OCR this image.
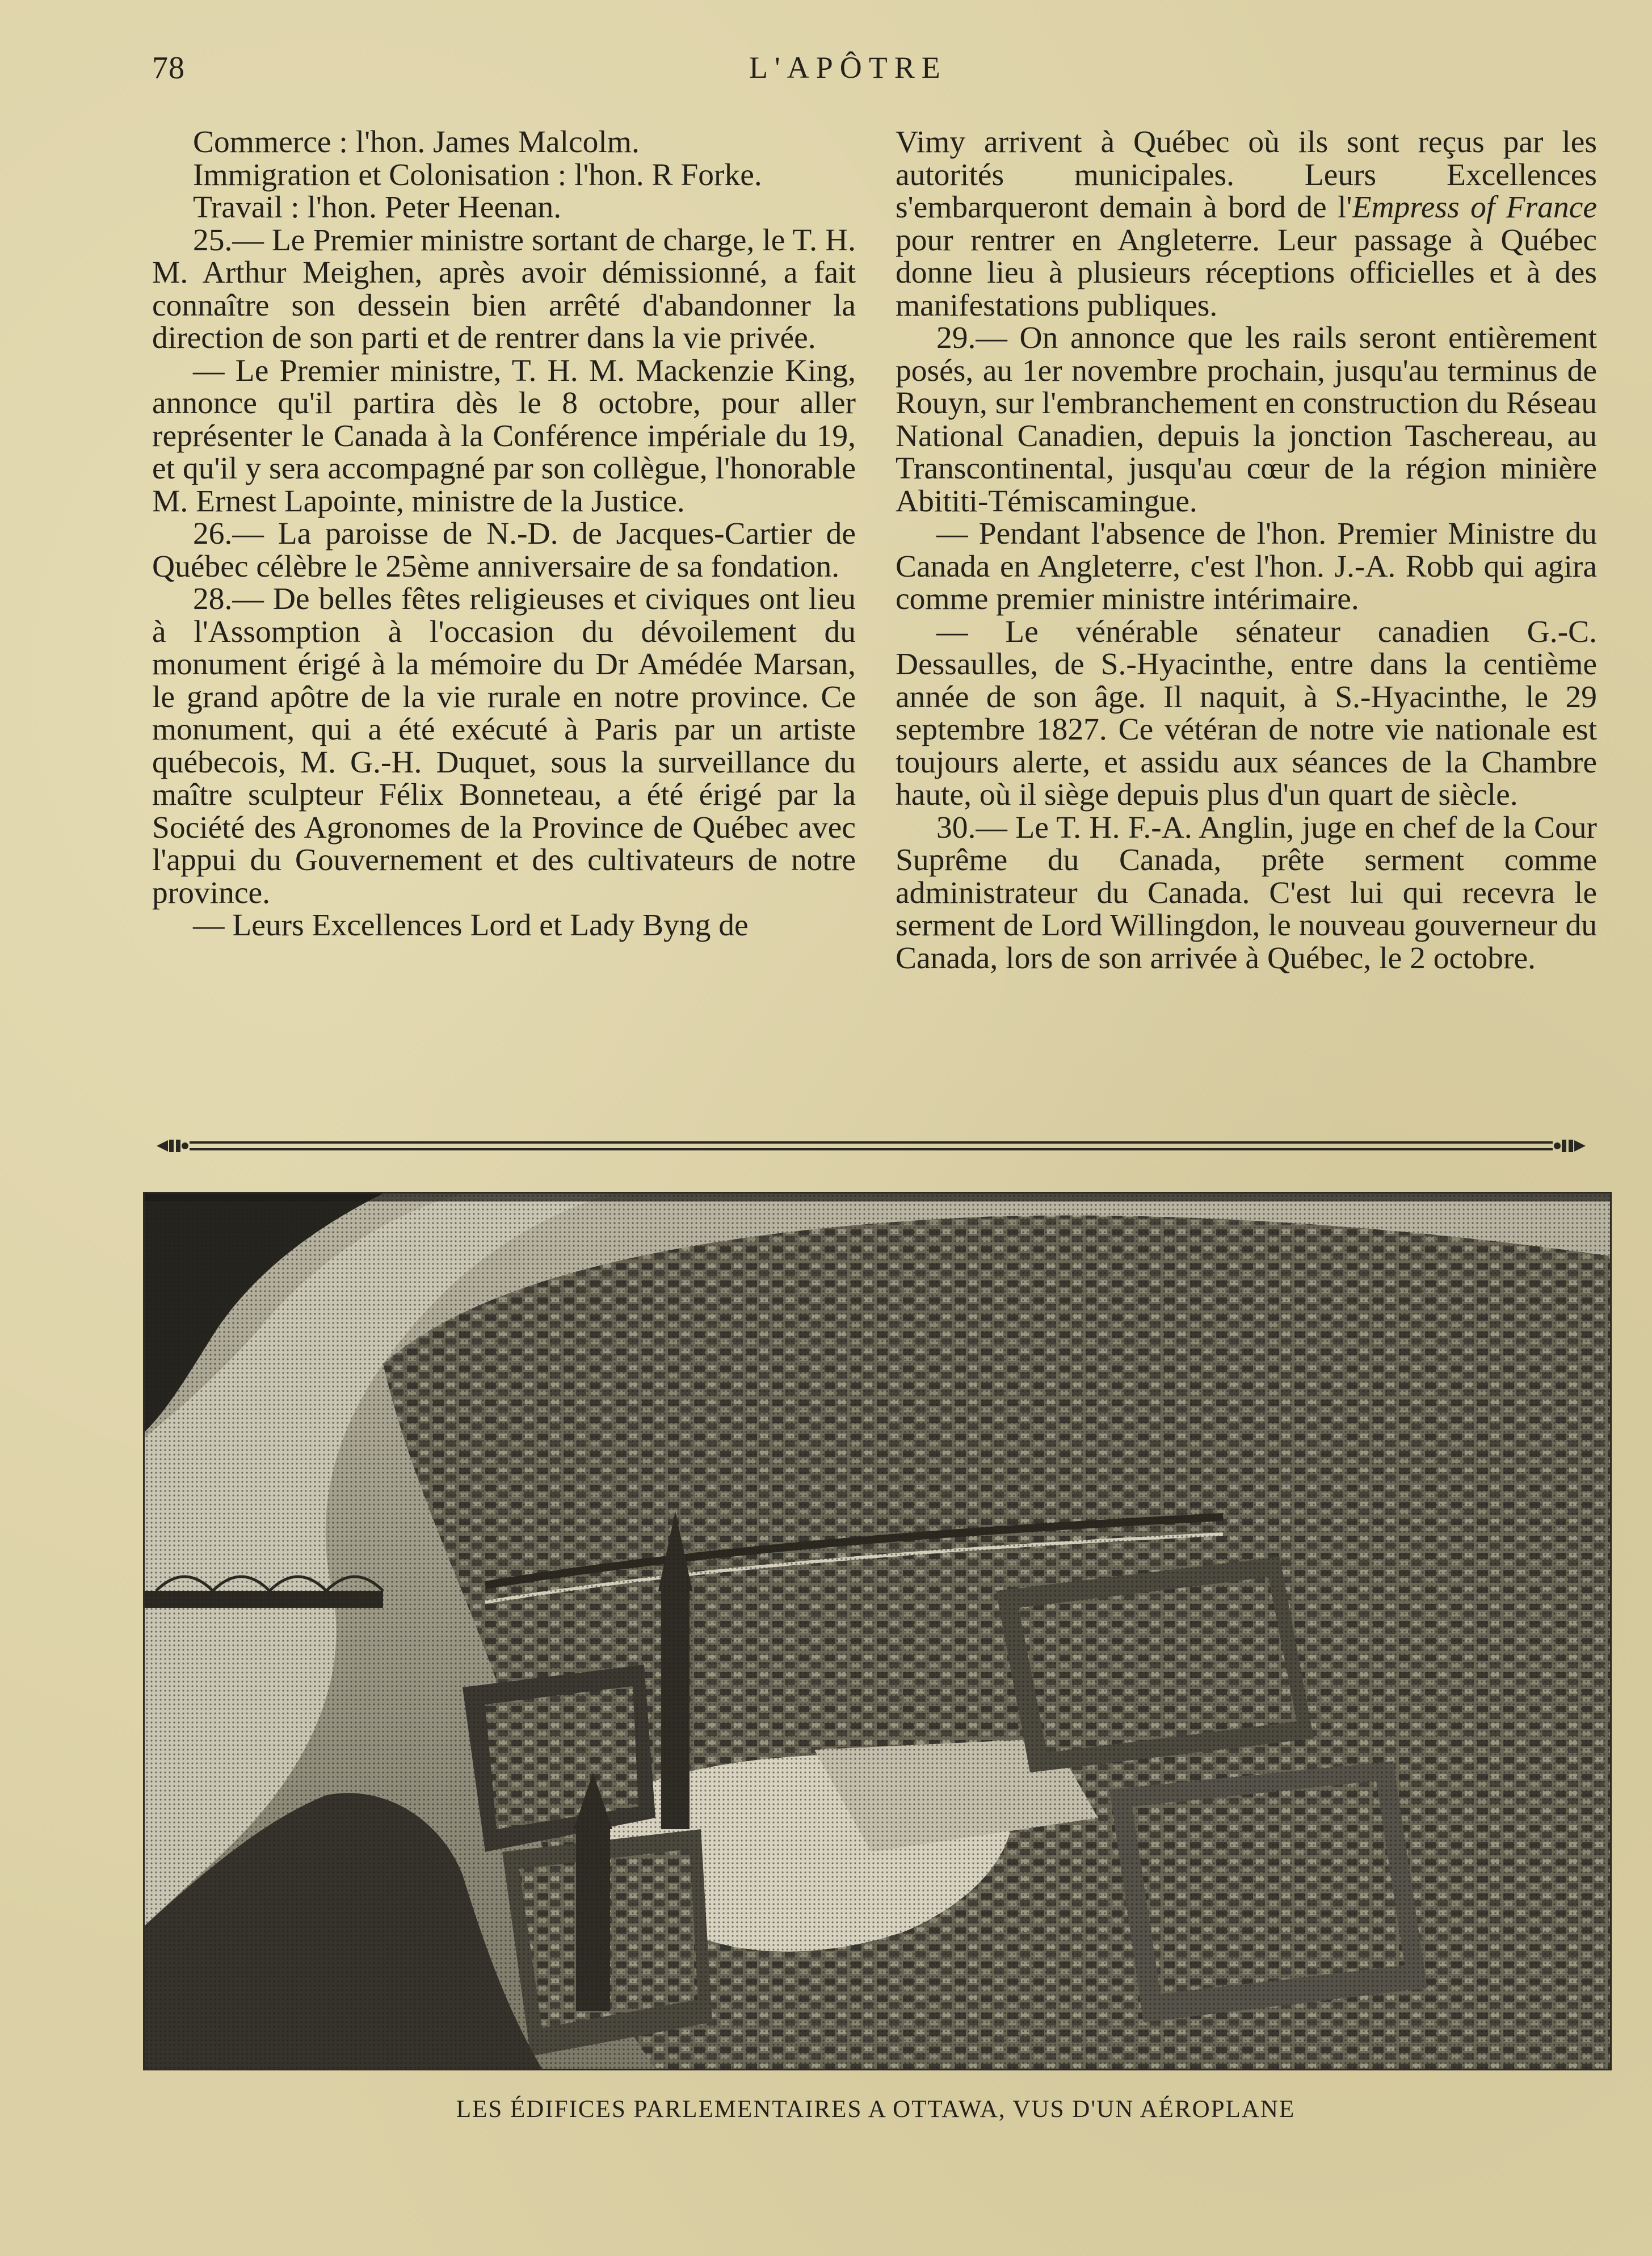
78	L'APÔTRE

Commerce : l'hon. James Malcolm.

Immigration et Colonisation : l'hon. R Forke.

Travail : l'hon. Peter Heenan.

25.— Le Premier ministre sortant de charge, le T. H. M. Arthur Meighen, après avoir démissionné, a fait connaître son dessein bien arrêté d'abandonner la direction de son parti et de rentrer dans la vie privée.

— Le Premier ministre, T. H. M. Mackenzie King, annonce qu'il partira dès le 8 octobre, pour aller représenter le Canada à la Conférence impériale du 19, et qu'il y sera accompagné par son collègue, l'honorable M. Ernest Lapointe, ministre de la Justice.

26.— La paroisse de N.-D. de Jacques-Cartier de Québec célèbre le 25ème anniversaire de sa fondation.

28.— De belles fêtes religieuses et civiques ont lieu à l'Assomption à l'occasion du dévoilement du monument érigé à la mémoire du Dr Amédée Marsan, le grand apôtre de la vie rurale en notre province. Ce monument, qui a été exécuté à Paris par un artiste québecois, M. G.-H. Duquet, sous la surveillance du maître sculpteur Félix Bonneteau, a été érigé par la Société des Agronomes de la Province de Québec avec l'appui du Gouvernement et des cultivateurs de notre province.

— Leurs Excellences Lord et Lady Byng de

Vimy arrivent à Québec où ils sont reçus par les autorités municipales. Leurs Excellences s'embarqueront demain à bord de l'Empress of France pour rentrer en Angleterre. Leur passage à Québec donne lieu à plusieurs réceptions officielles et à des manifestations publiques.

29.— On annonce que les rails seront entièrement posés, au 1er novembre prochain, jusqu'au terminus de Rouyn, sur l'embranchement en construction du Réseau National Canadien, depuis la jonction Taschereau, au Transcontinental, jusqu'au cœur de la région minière Abititi-Témiscamingue.

— Pendant l'absence de l'hon. Premier Ministre du Canada en Angleterre, c'est l'hon. J.-A. Robb qui agira comme premier ministre intérimaire.

— Le vénérable sénateur canadien G.-C. Dessaulles, de S.-Hyacinthe, entre dans la centième année de son âge. Il naquit, à S.-Hyacinthe, le 29 septembre 1827. Ce vétéran de notre vie nationale est toujours alerte, et assidu aux séances de la Chambre haute, où il siège depuis plus d'un quart de siècle.

30.— Le T. H. F.-A. Anglin, juge en chef de la Cour Suprême du Canada, prête serment comme administrateur du Canada. C'est lui qui recevra le serment de Lord Willingdon, le nouveau gouverneur du Canada, lors de son arrivée à Québec, le 2 octobre.

LES ÉDIFICES PARLEMENTAIRES A OTTAWA, VUS D'UN AÉROPLANE
